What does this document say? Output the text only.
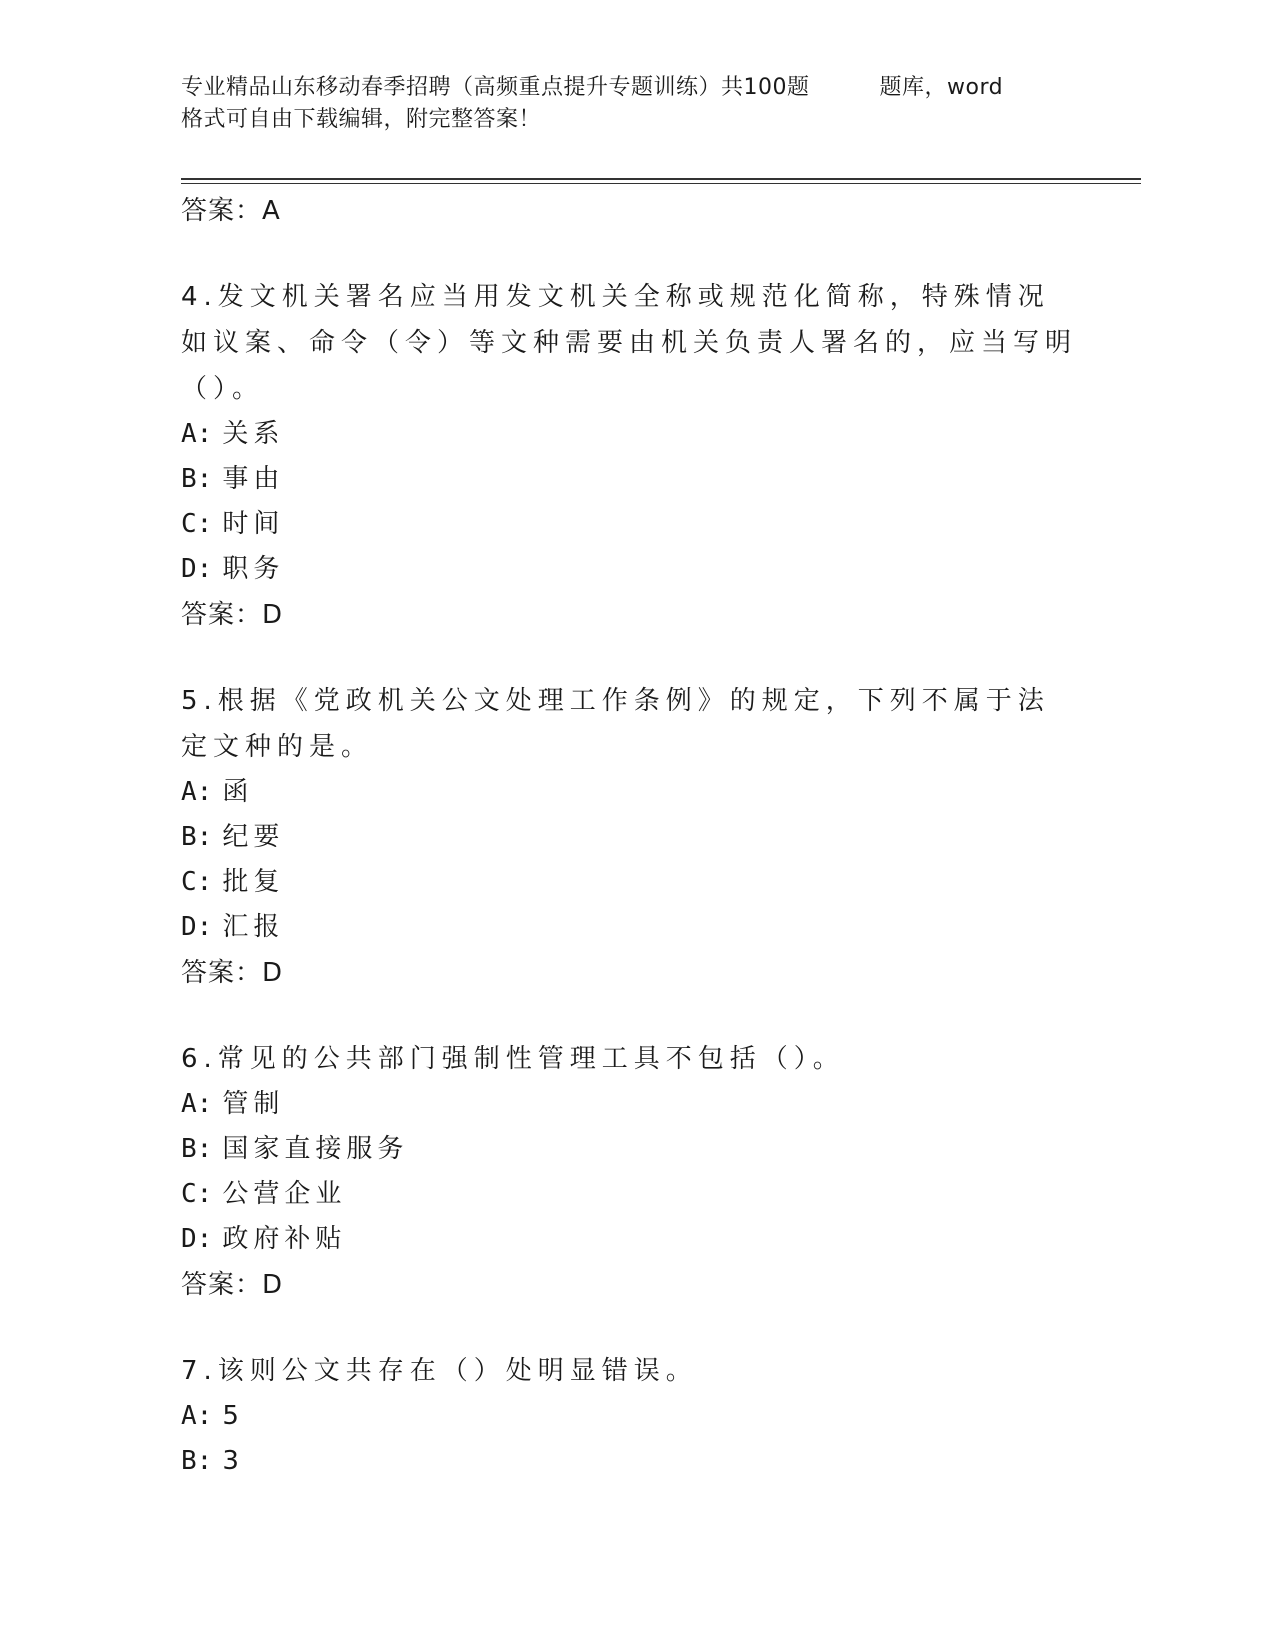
专业精品山东移动春季招聘（高频重点提升专题训练）共100题	题库，word
格式可自由下载编辑，附完整答案！
答案：A
4.发文机关署名应当用发文机关全称或规范化简称，特殊情况如议案、命令（令）等文种需要由机关负责人署名的，应当写明（）。
A: 关系
B: 事由
C: 时间
D: 职务
答案：D
5.根据《党政机关公文处理工作条例》的规定，下列不属于法定文种的是。
A: 函
B: 纪要
C: 批复
D: 汇报
答案：D
6.常见的公共部门强制性管理工具不包括（）。
A: 管制
B: 国家直接服务
C: 公营企业
D: 政府补贴
答案：D
7.该则公文共存在（）处明显错误。
A: 5
B: 3
